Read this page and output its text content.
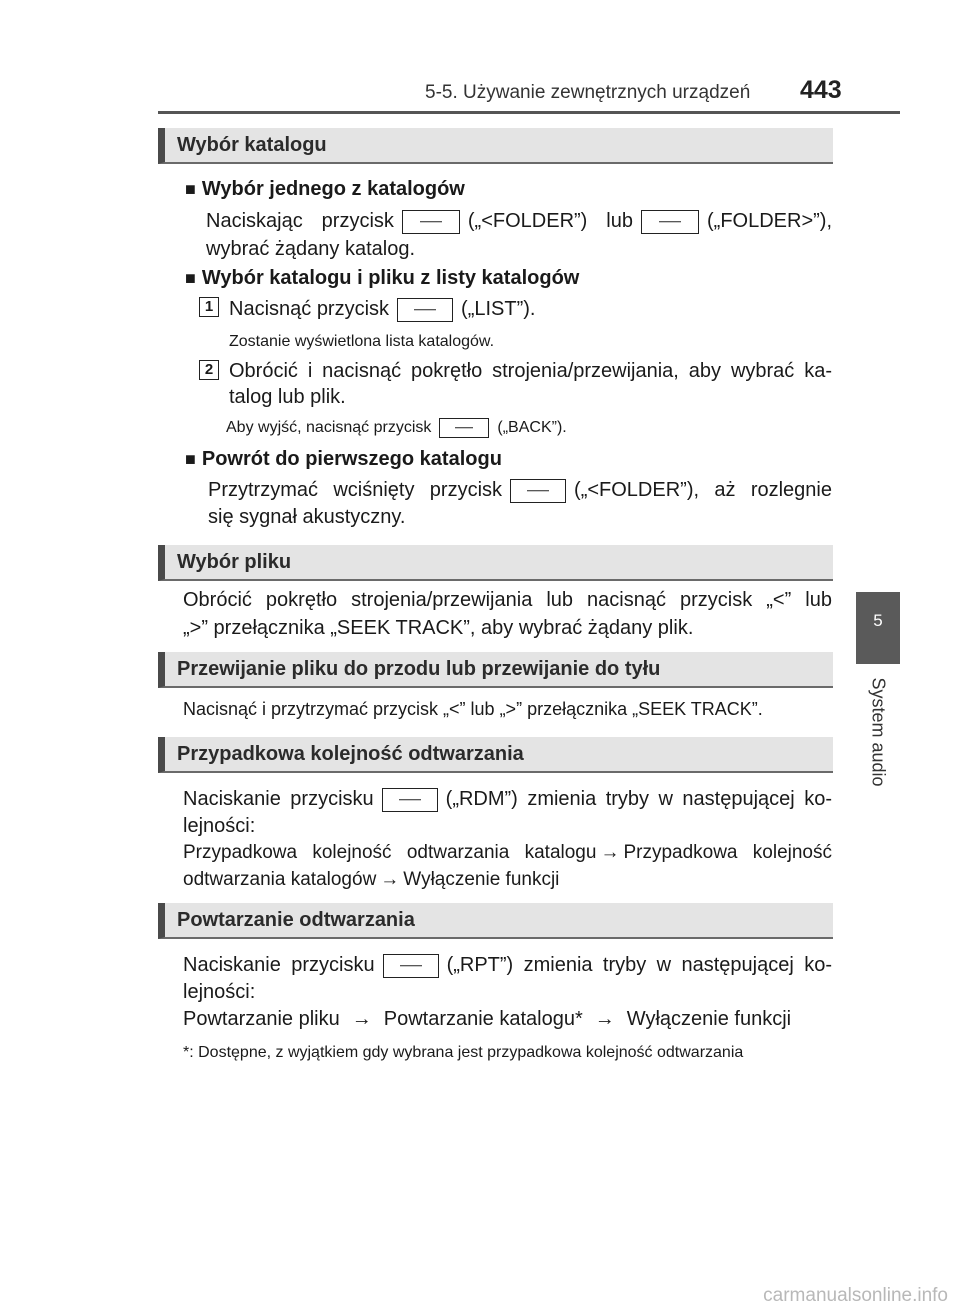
5-5. Używanie zewnętrznych urządzeń 443
5
System audio
Wybór katalogu
■ Wybór jednego z katalogów
Naciskając przycisk	(„<FOLDER”) lub	(„FOLDER>”),
wybrać żądany katalog.
■ Wybór katalogu i pliku z listy katalogów
1 Nacisnąć przycisk	(„LIST”).
Zostanie wyświetlona lista katalogów.
2 Obrócić i nacisnąć pokrętło strojenia/przewijania, aby wybrać ka-
talog lub plik.
Aby wyjść, nacisnąć przycisk	(„BACK”).
■ Powrót do pierwszego katalogu
Przytrzymać wciśnięty przycisk	(„<FOLDER”), aż rozlegnie
się sygnał akustyczny.
Wybór pliku
Obrócić pokrętło strojenia/przewijania lub nacisnąć przycisk „<” lub
„>” przełącznika „SEEK TRACK”, aby wybrać żądany plik.
Przewijanie pliku do przodu lub przewijanie do tyłu
Nacisnąć i przytrzymać przycisk „<” lub „>” przełącznika „SEEK TRACK”.
Przypadkowa kolejność odtwarzania
Naciskanie przycisku	(„RDM”) zmienia tryby w następującej ko-
lejności:
Przypadkowa kolejność odtwarzania katalogu → Przypadkowa kolejność
odtwarzania katalogów → Wyłączenie funkcji
Powtarzanie odtwarzania
Naciskanie przycisku	(„RPT”) zmienia tryby w następującej ko-
lejności:
Powtarzanie pliku → Powtarzanie katalogu* → Wyłączenie funkcji
*: Dostępne, z wyjątkiem gdy wybrana jest przypadkowa kolejność odtwarzania
carmanualsonline.info
